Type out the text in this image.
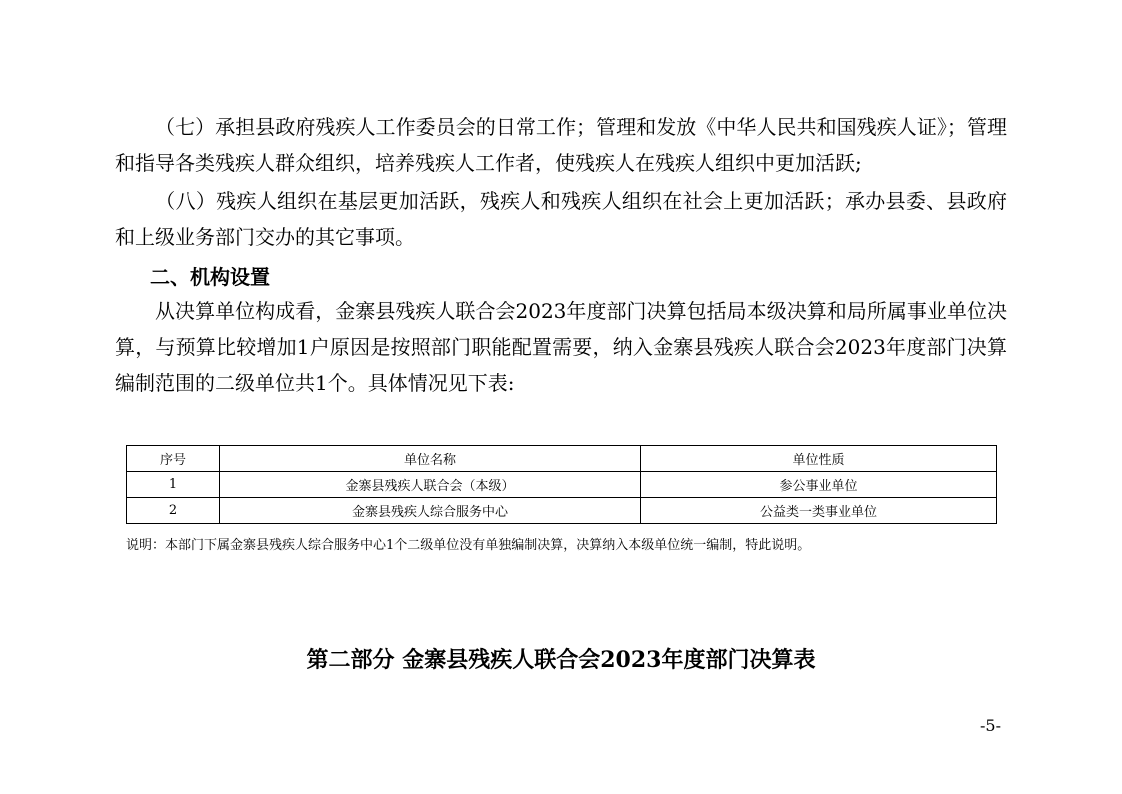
（七）承担县政府残疾人工作委员会的日常工作；管理和发放《中华人民共和国残疾人证》；管理和指导各类残疾人群众组织，培养残疾人工作者，使残疾人在残疾人组织中更加活跃;

（八）残疾人组织在基层更加活跃，残疾人和残疾人组织在社会上更加活跃；承办县委、县政府和上级业务部门交办的其它事项。

二、机构设置

从决算单位构成看，金寨县残疾人联合会2023年度部门决算包括局本级决算和局所属事业单位决算，与预算比较增加1户原因是按照部门职能配置需要，纳入金寨县残疾人联合会2023年度部门决算编制范围的二级单位共1个。具体情况见下表:

序号	单位名称	单位性质
1	金寨县残疾人联合会（本级）	参公事业单位
2	金寨县残疾人综合服务中心	公益类一类事业单位

说明：本部门下属金寨县残疾人综合服务中心1个二级单位没有单独编制决算，决算纳入本级单位统一编制，特此说明。

第二部分 金寨县残疾人联合会2023年度部门决算表

-5-
